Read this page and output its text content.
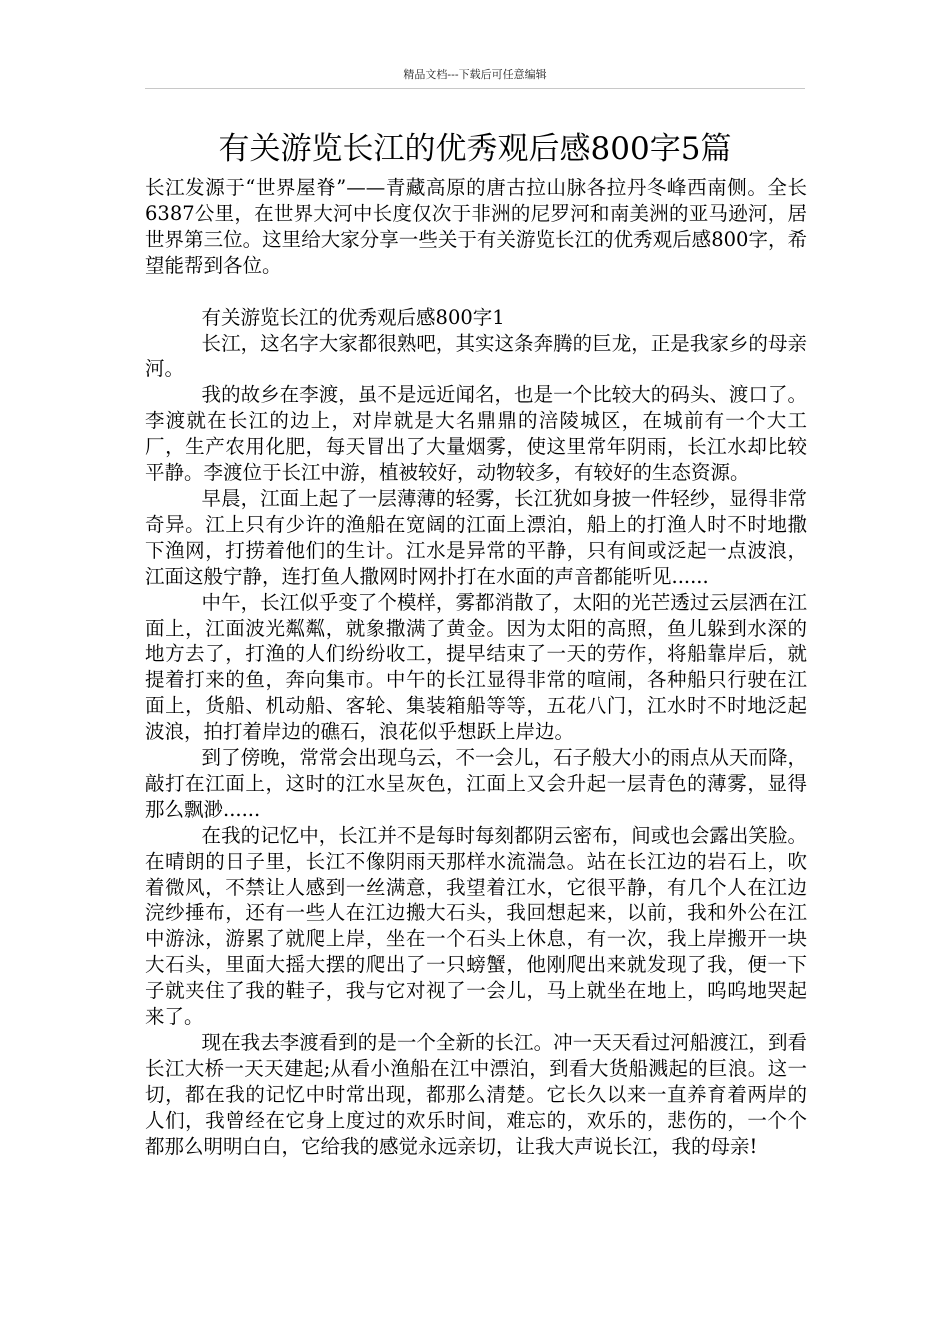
精品文档---下载后可任意编辑
有关游览长江的优秀观后感800字5篇

长江发源于“世界屋脊”——青藏高原的唐古拉山脉各拉丹冬峰西南侧。全长6387公里，在世界大河中长度仅次于非洲的尼罗河和南美洲的亚马逊河，居世界第三位。这里给大家分享一些关于有关游览长江的优秀观后感800字，希望能帮到各位。

有关游览长江的优秀观后感800字1

长江，这名字大家都很熟吧，其实这条奔腾的巨龙，正是我家乡的母亲河。

我的故乡在李渡，虽不是远近闻名，也是一个比较大的码头、渡口了。李渡就在长江的边上，对岸就是大名鼎鼎的涪陵城区，在城前有一个大工厂，生产农用化肥，每天冒出了大量烟雾，使这里常年阴雨，长江水却比较平静。李渡位于长江中游，植被较好，动物较多，有较好的生态资源。

早晨，江面上起了一层薄薄的轻雾，长江犹如身披一件轻纱，显得非常奇异。江上只有少许的渔船在宽阔的江面上漂泊，船上的打渔人时不时地撒下渔网，打捞着他们的生计。江水是异常的平静，只有间或泛起一点波浪，江面这般宁静，连打鱼人撒网时网扑打在水面的声音都能听见......

中午，长江似乎变了个模样，雾都消散了，太阳的光芒透过云层洒在江面上，江面波光粼粼，就象撒满了黄金。因为太阳的高照，鱼儿躲到水深的地方去了，打渔的人们纷纷收工，提早结束了一天的劳作，将船靠岸后，就提着打来的鱼，奔向集市。中午的长江显得非常的喧闹，各种船只行驶在江面上，货船、机动船、客轮、集装箱船等等，五花八门，江水时不时地泛起波浪，拍打着岸边的礁石，浪花似乎想跃上岸边。

到了傍晚，常常会出现乌云，不一会儿，石子般大小的雨点从天而降，敲打在江面上，这时的江水呈灰色，江面上又会升起一层青色的薄雾，显得那么飘渺......

在我的记忆中，长江并不是每时每刻都阴云密布，间或也会露出笑脸。在晴朗的日子里，长江不像阴雨天那样水流湍急。站在长江边的岩石上，吹着微风，不禁让人感到一丝满意，我望着江水，它很平静，有几个人在江边浣纱捶布，还有一些人在江边搬大石头，我回想起来，以前，我和外公在江中游泳，游累了就爬上岸，坐在一个石头上休息，有一次，我上岸搬开一块大石头，里面大摇大摆的爬出了一只螃蟹，他刚爬出来就发现了我，便一下子就夹住了我的鞋子，我与它对视了一会儿，马上就坐在地上，呜呜地哭起来了。

现在我去李渡看到的是一个全新的长江。冲一天天看过河船渡江，到看长江大桥一天天建起;从看小渔船在江中漂泊，到看大货船溅起的巨浪。这一切，都在我的记忆中时常出现，都那么清楚。它长久以来一直养育着两岸的人们，我曾经在它身上度过的欢乐时间，难忘的，欢乐的，悲伤的，一个个都那么明明白白，它给我的感觉永远亲切，让我大声说长江，我的母亲!
